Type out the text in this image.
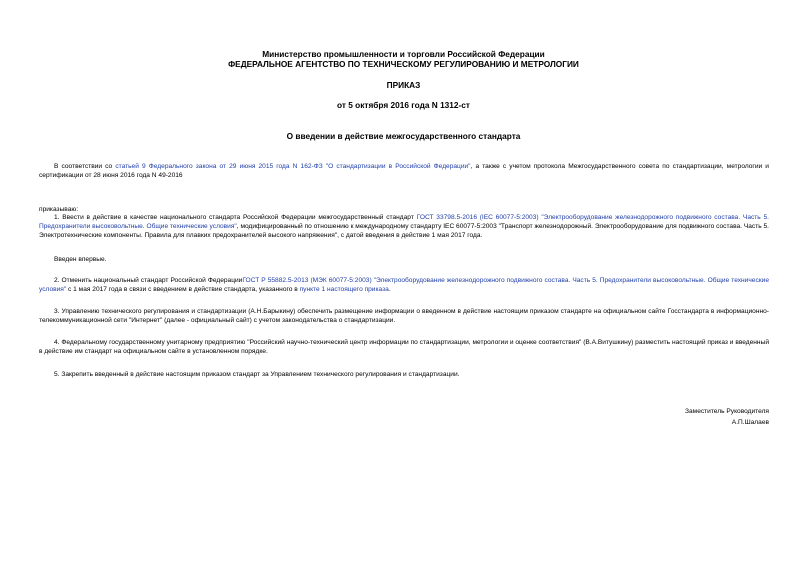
Министерство промышленности и торговли Российской Федерации
ФЕДЕРАЛЬНОЕ АГЕНТСТВО ПО ТЕХНИЧЕСКОМУ РЕГУЛИРОВАНИЮ И МЕТРОЛОГИИ
ПРИКАЗ
от 5 октября 2016 года N 1312-ст
О введении в действие межгосударственного стандарта
В соответствии со статьей 9 Федерального закона от 29 июня 2015 года N 162-ФЗ "О стандартизации в Российской Федерации", а также с учетом протокола Межгосударственного совета по стандартизации, метрологии и сертификации от 28 июня 2016 года N 49-2016
приказываю:
1. Ввести в действие в качестве национального стандарта Российской Федерации межгосударственный стандарт ГОСТ 33798.5-2016 (IEC 60077-5:2003) "Электрооборудование железнодорожного подвижного состава. Часть 5. Предохранители высоковольтные. Общие технические условия", модифицированный по отношению к международному стандарту IEC 60077-5:2003 "Транспорт железнодорожный. Электрооборудование для подвижного состава. Часть 5. Электротехнические компоненты. Правила для плавких предохранителей высокого напряжения", с датой введения в действие 1 мая 2017 года.
Введен впервые.
2. Отменить национальный стандарт Российской ФедерацииГОСТ Р 55882.5-2013 (МЭК 60077-5:2003) "Электрооборудование железнодорожного подвижного состава. Часть 5. Предохранители высоковольтные. Общие технические условия" с 1 мая 2017 года в связи с введением в действие стандарта, указанного в пункте 1 настоящего приказа.
3. Управлению технического регулирования и стандартизации (А.Н.Барыкину) обеспечить размещение информации о введенном в действие настоящим приказом стандарте на официальном сайте Госстандарта в информационно-телекоммуникационной сети "Интернет" (далее - официальный сайт) с учетом законодательства о стандартизации.
4. Федеральному государственному унитарному предприятию "Российский научно-технический центр информации по стандартизации, метрологии и оценке соответствия" (В.А.Витушкину) разместить настоящий приказ и введенный в действие им стандарт на официальном сайте в установленном порядке.
5. Закрепить введенный в действие настоящим приказом стандарт за Управлением технического регулирования и стандартизации.
Заместитель Руководителя
А.П.Шалаев
